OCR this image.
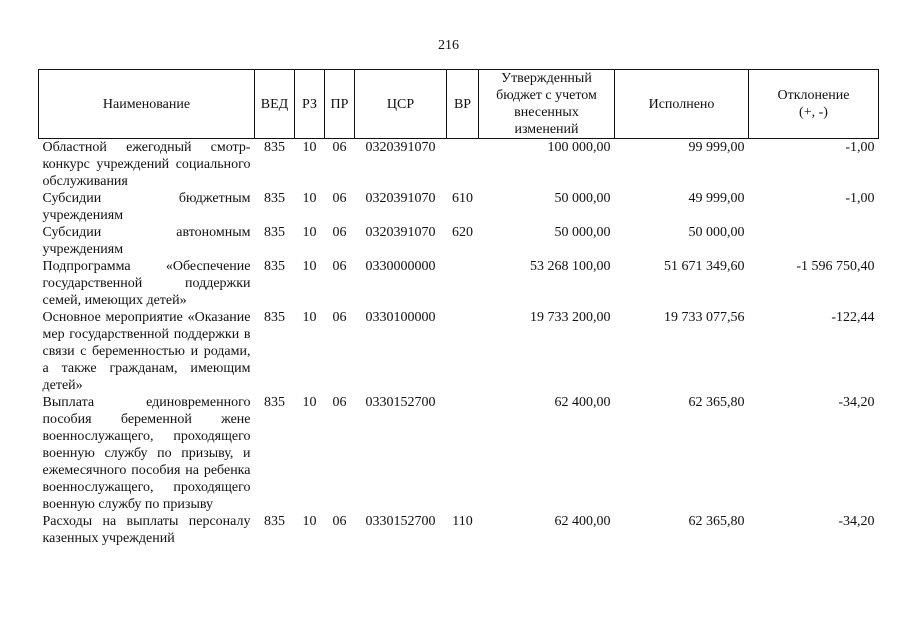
216
Наименование	ВЕД	РЗ	ПР	ЦСР	ВР	Утвержденный бюджет с учетом внесенных изменений	Исполнено	Отклонение
(+, -)

Областной ежегодный смотр-конкурс учреждений социального обслуживания	835	10	06	0320391070		100 000,00	99 999,00	-1,00
Субсидии бюджетным учреждениям	835	10	06	0320391070	610	50 000,00	49 999,00	-1,00
Субсидии автономным учреждениям	835	10	06	0320391070	620	50 000,00	50 000,00	
Подпрограмма «Обеспечение государственной поддержки семей, имеющих детей»	835	10	06	0330000000		53 268 100,00	51 671 349,60	-1 596 750,40
Основное мероприятие «Оказание мер государственной поддержки в связи с беременностью и родами, а также гражданам, имеющим детей»	835	10	06	0330100000		19 733 200,00	19 733 077,56	-122,44
Выплата единовременного пособия беременной жене военнослужащего, проходящего военную службу по призыву, и ежемесячного пособия на ребенка военнослужащего, проходящего военную службу по призыву	835	10	06	0330152700		62 400,00	62 365,80	-34,20
Расходы на выплаты персоналу казенных учреждений	835	10	06	0330152700	110	62 400,00	62 365,80	-34,20
